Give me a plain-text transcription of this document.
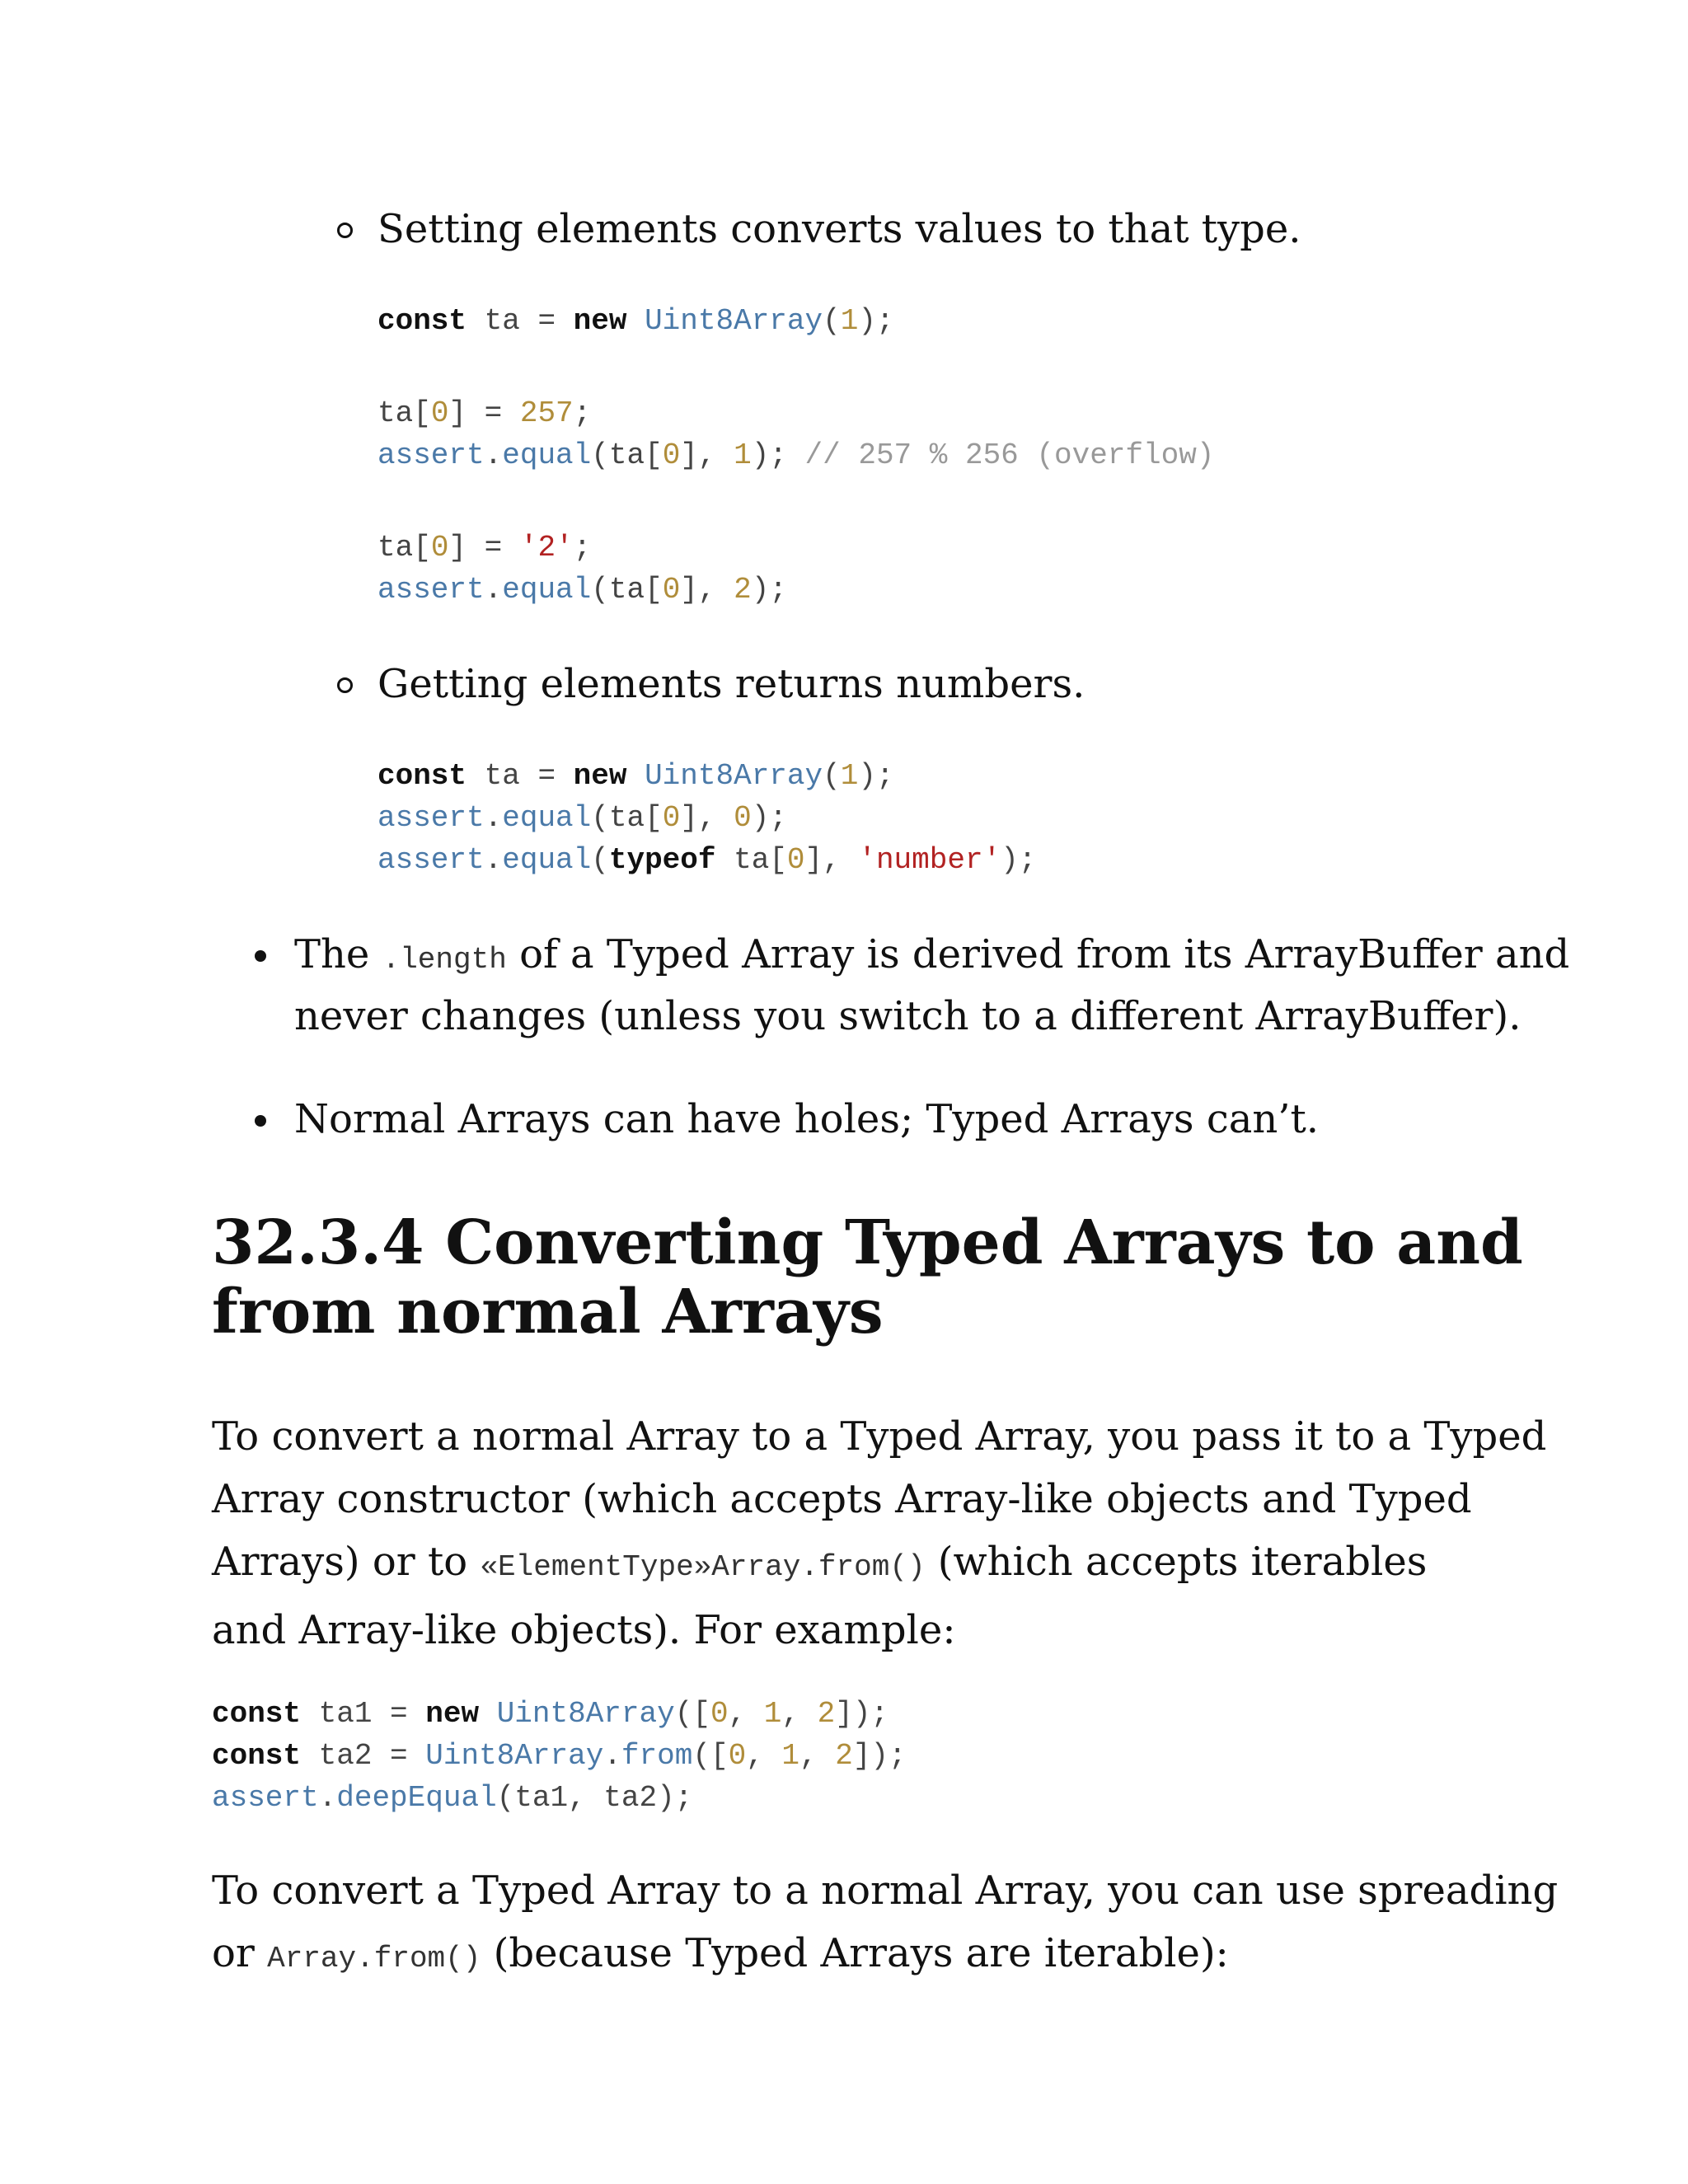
Setting elements converts values to that type.
const ta = new Uint8Array(1);
ta[0] = 257;
assert.equal(ta[0], 1); // 257 % 256 (overflow)
ta[0] = '2';
assert.equal(ta[0], 2);
Getting elements returns numbers.
const ta = new Uint8Array(1);
assert.equal(ta[0], 0);
assert.equal(typeof ta[0], 'number');
The .length of a Typed Array is derived from its ArrayBuffer and
never changes (unless you switch to a different ArrayBuffer).
Normal Arrays can have holes; Typed Arrays can’t.
32.3.4 Converting Typed Arrays to and
from normal Arrays
To convert a normal Array to a Typed Array, you pass it to a Typed
Array constructor (which accepts Array-like objects and Typed
Arrays) or to «ElementType»Array.from() (which accepts iterables
and Array-like objects). For example:
const ta1 = new Uint8Array([0, 1, 2]);
const ta2 = Uint8Array.from([0, 1, 2]);
assert.deepEqual(ta1, ta2);
To convert a Typed Array to a normal Array, you can use spreading
or Array.from() (because Typed Arrays are iterable):
